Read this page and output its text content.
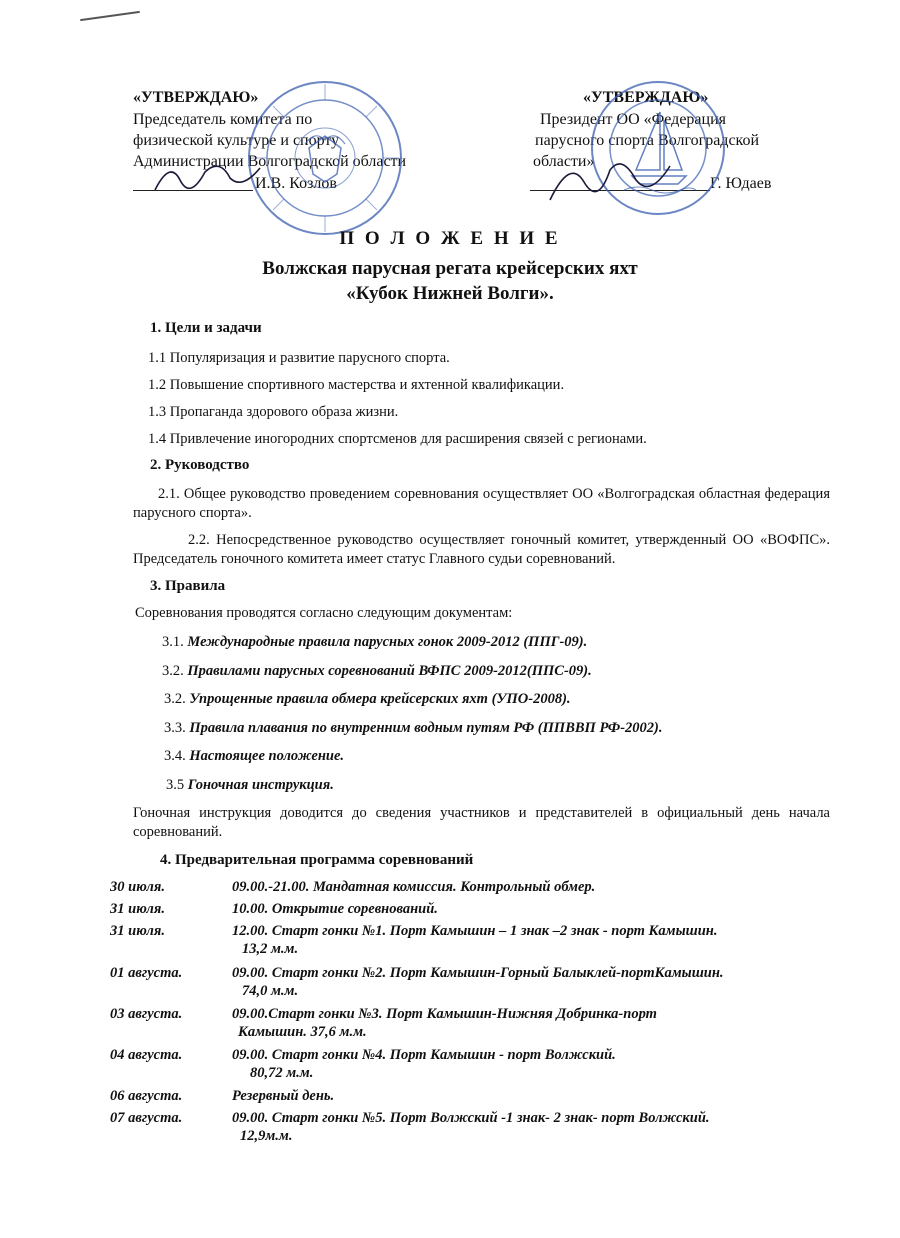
«УТВЕРЖДАЮ»
Председатель комитета по
физической культуре и спорту
Администрации Волгоградской области
И.В. Козлов
«УТВЕРЖДАЮ»
Президент ОО «Федерация
парусного спорта Волгоградской
области»
Г. Юдаев
П О Л О Ж Е Н И Е
Волжская парусная регата крейсерских яхт
«Кубок Нижней Волги».
1. Цели и задачи
1.1 Популяризация и развитие парусного спорта.
1.2 Повышение спортивного мастерства и яхтенной квалификации.
1.3 Пропаганда здорового образа жизни.
1.4 Привлечение иногородних спортсменов для расширения связей с регионами.
2. Руководство
2.1. Общее руководство проведением соревнования осуществляет ОО «Волгоградская областная федерация парусного спорта».
2.2. Непосредственное руководство осуществляет гоночный комитет, утвержденный ОО «ВОФПС». Председатель гоночного комитета имеет статус Главного судьи соревнований.
3. Правила
Соревнования проводятся согласно следующим документам:
3.1. Международные правила парусных гонок 2009-2012 (ППГ-09).
3.2. Правилами парусных соревнований ВФПС 2009-2012(ППС-09).
3.2. Упрощенные правила обмера крейсерских яхт (УПО-2008).
3.3. Правила плавания по внутренним водным путям РФ (ППВВП РФ-2002).
3.4. Настоящее положение.
3.5 Гоночная инструкция.
Гоночная инструкция доводится до сведения участников и представителей в официальный день начала соревнований.
4. Предварительная программа соревнований
30 июля.	09.00.-21.00. Мандатная комиссия. Контрольный обмер.
31 июля.	10.00. Открытие соревнований.
31 июля.	12.00. Старт гонки №1. Порт Камышин – 1 знак –2 знак - порт Камышин.
13,2 м.м.
01 августа.	09.00. Старт гонки №2. Порт Камышин-Горный Балыклей-портКамышин.
74,0 м.м.
03 августа.	09.00.Старт гонки №3. Порт Камышин-Нижняя Добринка-порт
Камышин. 37,6 м.м.
04 августа.	09.00. Старт гонки №4. Порт Камышин - порт Волжский.
80,72 м.м.
06 августа.	Резервный день.
07 августа.	09.00. Старт гонки №5. Порт Волжский -1 знак- 2 знак- порт Волжский.
12,9м.м.
